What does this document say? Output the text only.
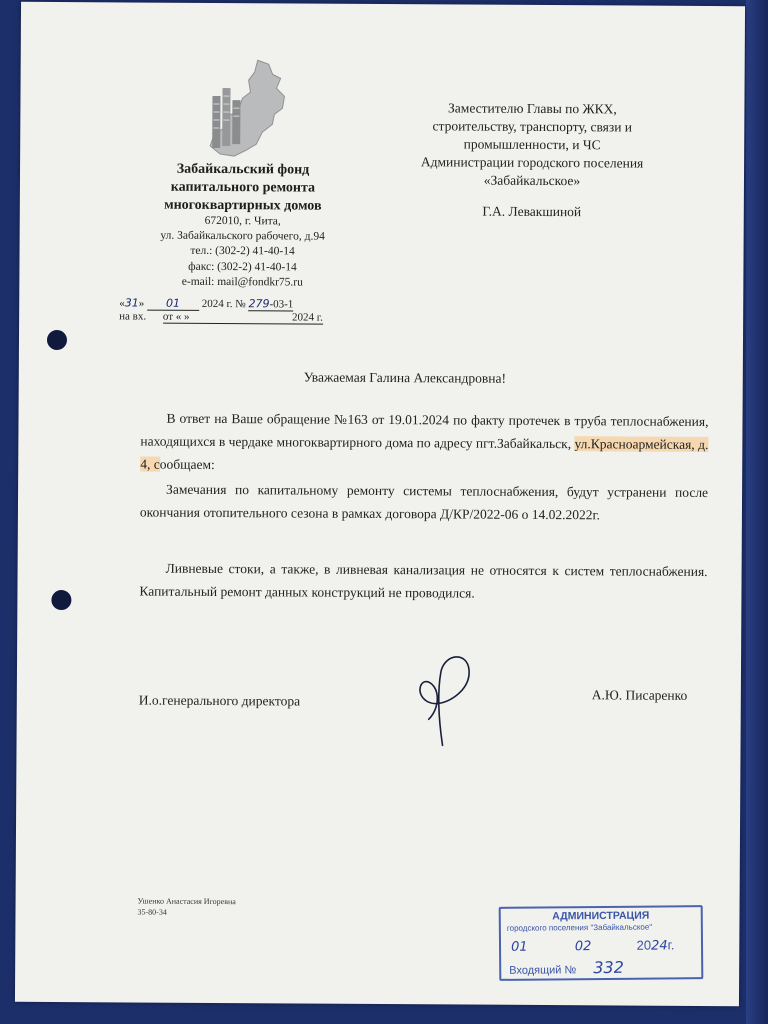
Забайкальский фонд
капитального ремонта
многоквартирных домов
672010, г. Чита,
ул. Забайкальского рабочего, д.94
тел.: (302-2) 41-40-14
факс: (302-2) 41-40-14
e-mail: mail@fondkr75.ru
«31» 01 2024 г. № 279-03-1
на вх. от « »	2024 г.
Заместителю Главы по ЖКХ,
строительству, транспорту, связи и
промышленности, и ЧС
Администрации городского поселения
«Забайкальское»
Г.А. Левакшиной
Уважаемая Галина Александровна!
В ответ на Ваше обращение №163 от 19.01.2024 по факту протечек в труба теплоснабжения, находящихся в чердаке многоквартирного дома по адресу пгт.Забайкальск, ул.Красноармейская, д. 4, сообщаем:
Замечания по капитальному ремонту системы теплоснабжения, будут устранени после окончания отопительного сезона в рамках договора Д/КР/2022-06 о 14.02.2022г.
Ливневые стоки, а также, в ливневая канализация не относятся к систем теплоснабжения. Капитальный ремонт данных конструкций не проводился.
И.о.генерального директора	А.Ю. Писаренко
Ушенко Анастасия Игоревна
35-80-34	АДМИНИСТРАЦИЯ
городского поселения "Забайкальское"
01	02	2024г.
Входящий № 332
